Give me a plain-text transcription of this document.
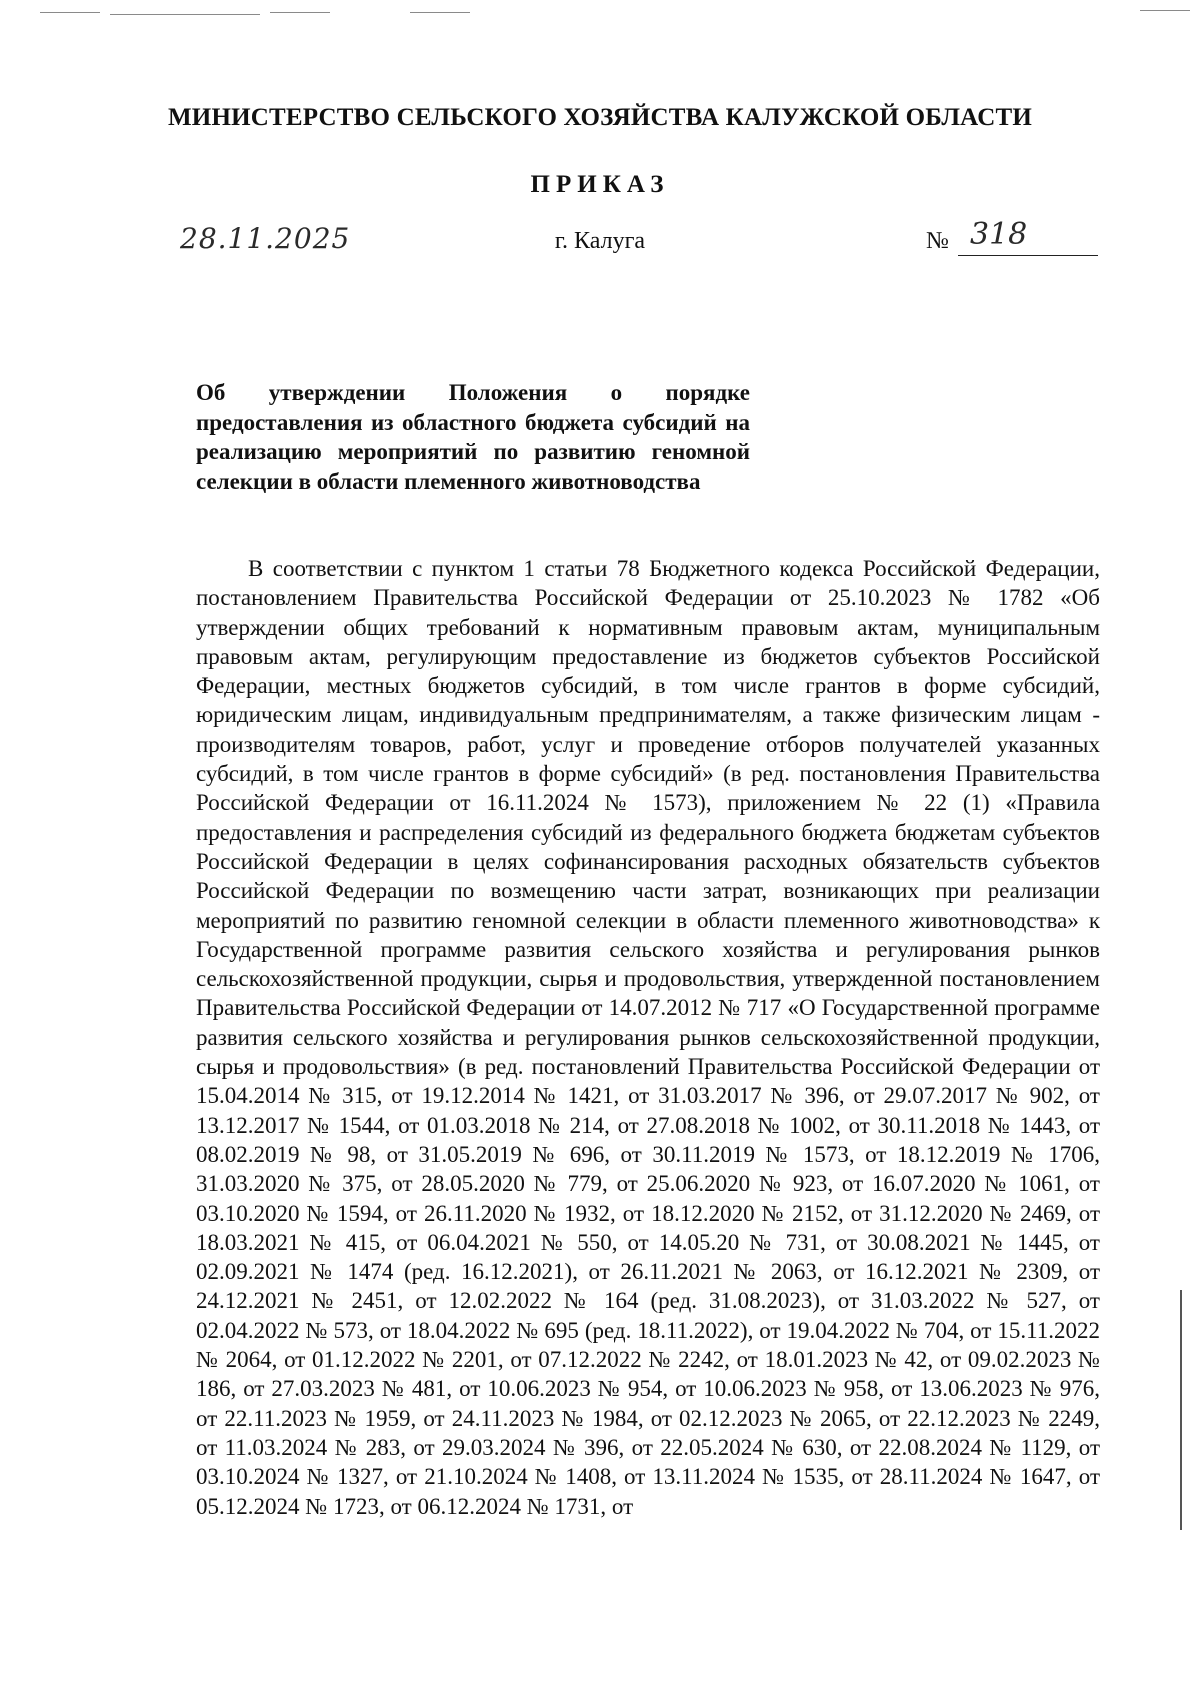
МИНИСТЕРСТВО СЕЛЬСКОГО ХОЗЯЙСТВА КАЛУЖСКОЙ ОБЛАСТИ
ПРИКАЗ
28.11.2025	г. Калуга	№ 318
Об утверждении Положения о порядке предоставления из областного бюджета субсидий на реализацию мероприятий по развитию геномной селекции в области племенного животноводства

В соответствии с пунктом 1 статьи 78 Бюджетного кодекса Российской Федерации, постановлением Правительства Российской Федерации от 25.10.2023 № 1782 «Об утверждении общих требований к нормативным правовым актам, муниципальным правовым актам, регулирующим предоставление из бюджетов субъектов Российской Федерации, местных бюджетов субсидий, в том числе грантов в форме субсидий, юридическим лицам, индивидуальным предпринимателям, а также физическим лицам - производителям товаров, работ, услуг и проведение отборов получателей указанных субсидий, в том числе грантов в форме субсидий» (в ред. постановления Правительства Российской Федерации от 16.11.2024 № 1573), приложением № 22 (1) «Правила предоставления и распределения субсидий из федерального бюджета бюджетам субъектов Российской Федерации в целях софинансирования расходных обязательств субъектов Российской Федерации по возмещению части затрат, возникающих при реализации мероприятий по развитию геномной селекции в области племенного животноводства» к Государственной программе развития сельского хозяйства и регулирования рынков сельскохозяйственной продукции, сырья и продовольствия, утвержденной постановлением Правительства Российской Федерации от 14.07.2012 № 717 «О Государственной программе развития сельского хозяйства и регулирования рынков сельскохозяйственной продукции, сырья и продовольствия» (в ред. постановлений Правительства Российской Федерации от 15.04.2014 № 315, от 19.12.2014 № 1421, от 31.03.2017 № 396, от 29.07.2017 № 902, от 13.12.2017 № 1544, от 01.03.2018 № 214, от 27.08.2018 № 1002, от 30.11.2018 № 1443, от 08.02.2019 № 98, от 31.05.2019 № 696, от 30.11.2019 № 1573, от 18.12.2019 № 1706, 31.03.2020 № 375, от 28.05.2020 № 779, от 25.06.2020 № 923, от 16.07.2020 № 1061, от 03.10.2020 № 1594, от 26.11.2020 № 1932, от 18.12.2020 № 2152, от 31.12.2020 № 2469, от 18.03.2021 № 415, от 06.04.2021 № 550, от 14.05.20 № 731, от 30.08.2021 № 1445, от 02.09.2021 № 1474 (ред. 16.12.2021), от 26.11.2021 № 2063, от 16.12.2021 № 2309, от 24.12.2021 № 2451, от 12.02.2022 № 164 (ред. 31.08.2023), от 31.03.2022 № 527, от 02.04.2022 № 573, от 18.04.2022 № 695 (ред. 18.11.2022), от 19.04.2022 № 704, от 15.11.2022 № 2064, от 01.12.2022 № 2201, от 07.12.2022 № 2242, от 18.01.2023 № 42, от 09.02.2023 № 186, от 27.03.2023 № 481, от 10.06.2023 № 954, от 10.06.2023 № 958, от 13.06.2023 № 976, от 22.11.2023 № 1959, от 24.11.2023 № 1984, от 02.12.2023 № 2065, от 22.12.2023 № 2249, от 11.03.2024 № 283, от 29.03.2024 № 396, от 22.05.2024 № 630, от 22.08.2024 № 1129, от 03.10.2024 № 1327, от 21.10.2024 № 1408, от 13.11.2024 № 1535, от 28.11.2024 № 1647, от 05.12.2024 № 1723, от 06.12.2024 № 1731, от
